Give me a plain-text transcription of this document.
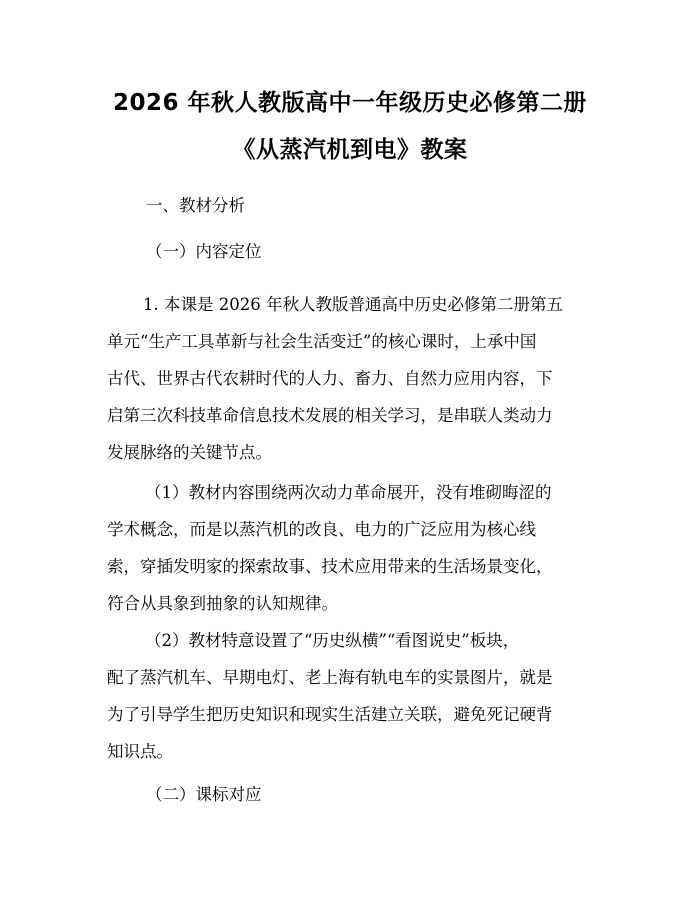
2026 年秋人教版高中一年级历史必修第二册
《从蒸汽机到电》教案
一、教材分析
（一）内容定位
1. 本课是 2026 年秋人教版普通高中历史必修第二册第五
单元“生产工具革新与社会生活变迁”的核心课时，上承中国
古代、世界古代农耕时代的人力、畜力、自然力应用内容，下
启第三次科技革命信息技术发展的相关学习，是串联人类动力
发展脉络的关键节点。
（1）教材内容围绕两次动力革命展开，没有堆砌晦涩的
学术概念，而是以蒸汽机的改良、电力的广泛应用为核心线
索，穿插发明家的探索故事、技术应用带来的生活场景变化，
符合从具象到抽象的认知规律。
（2）教材特意设置了“历史纵横”“看图说史”板块，
配了蒸汽机车、早期电灯、老上海有轨电车的实景图片，就是
为了引导学生把历史知识和现实生活建立关联，避免死记硬背
知识点。
（二）课标对应
